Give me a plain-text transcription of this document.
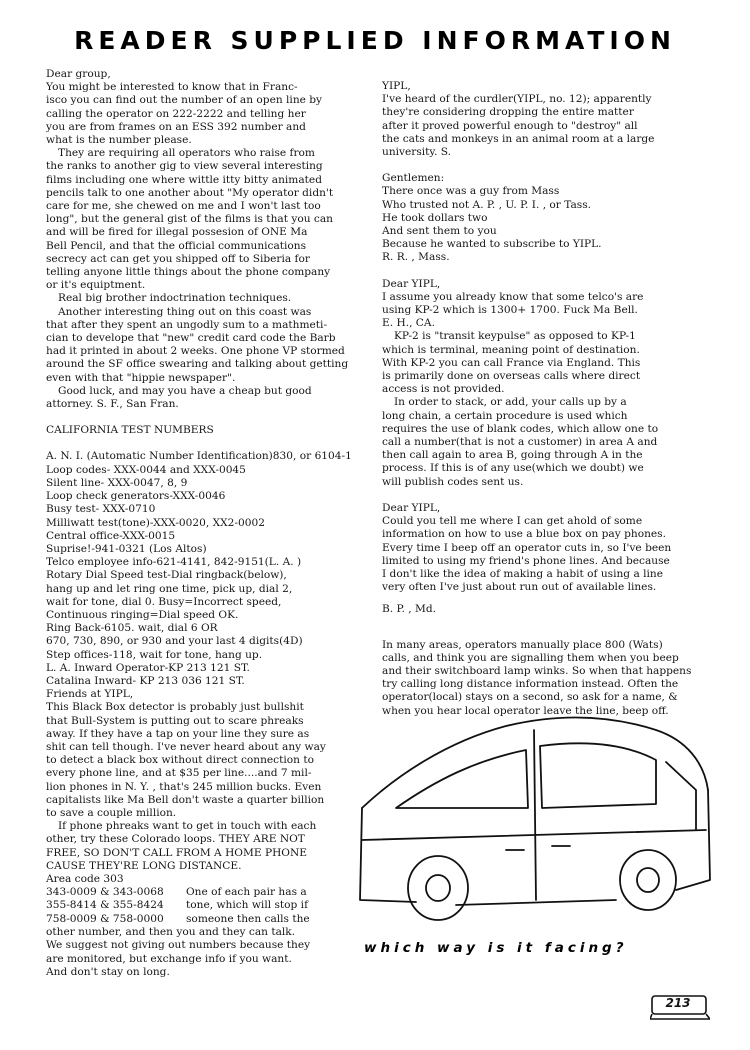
READER SUPPLIED INFORMATION

Dear group,

You might be interested to know that in Franc-

isco you can find out the number of an open line by

calling the operator on 222-2222 and telling her

you are from frames on an ESS 392 number and

what is the number please.

They are requiring all operators who raise from

the ranks to another gig to view several interesting

films including one where wittle itty bitty animated

pencils talk to one another about "My operator didn't

care for me, she chewed on me and I won't last too

long", but the general gist of the films is that you can

and will be fired for illegal possesion of ONE Ma

Bell Pencil, and that the official communications

secrecy act can get you shipped off to Siberia for

telling anyone little things about the phone company

or it's equiptment.

Real big brother indoctrination techniques.

Another interesting thing out on this coast was

that after they spent an ungodly sum to a mathmeti-

cian to develope that "new" credit card code the Barb

had it printed in about 2 weeks. One phone VP stormed

around the SF office swearing and talking about getting

even with that "hippie newspaper".

Good luck, and may you have a cheap but good

attorney. S. F., San Fran.

CALIFORNIA TEST NUMBERS

A. N. I. (Automatic Number Identification)830, or 6104-1

Loop codes- XXX-0044 and XXX-0045

Silent line- XXX-0047, 8, 9

Loop check generators-XXX-0046

Busy test- XXX-0710

Milliwatt test(tone)-XXX-0020, XX2-0002

Central office-XXX-0015

Suprise!-941-0321 (Los Altos)

Telco employee info-621-4141, 842-9151(L. A. )

Rotary Dial Speed test-Dial ringback(below),

hang up and let ring one time, pick up, dial 2,

wait for tone, dial 0. Busy=Incorrect speed,

Continuous ringing=Dial speed OK.

Ring Back-6105. wait, dial 6 OR

670, 730, 890, or 930 and your last 4 digits(4D)

Step offices-118, wait for tone, hang up.

L. A. Inward Operator-KP 213 121 ST.

Catalina Inward- KP 213 036 121 ST.

Friends at YIPL,

This Black Box detector is probably just bullshit

that Bull-System is putting out to scare phreaks

away. If they have a tap on your line they sure as

shit can tell though. I've never heard about any way

to detect a black box without direct connection to

every phone line, and at $35 per line....and 7 mil-

lion phones in N. Y. , that's 245 million bucks. Even

capitalists like Ma Bell don't waste a quarter billion

to save a couple million.

If phone phreaks want to get in touch with each

other, try these Colorado loops. THEY ARE NOT

FREE, SO DON'T CALL FROM A HOME PHONE

CAUSE THEY'RE LONG DISTANCE.

Area code 303

343-0009 & 343-0068

355-8414 & 355-8424

758-0009 & 758-0000

One of each pair has a

tone, which will stop if

someone then calls the

other number, and then you and they can talk.

We suggest not giving out numbers because they

are monitored, but exchange info if you want.

And don't stay on long.

YIPL,

I've heard of the curdler(YIPL, no. 12); apparently

they're considering dropping the entire matter

after it proved powerful enough to "destroy" all

the cats and monkeys in an animal room at a large

university. S.

Gentlemen:

There once was a guy from Mass

Who trusted not A. P. , U. P. I. , or Tass.

He took dollars two

And sent them to you

Because he wanted to subscribe to YIPL.

R. R. , Mass.

Dear YIPL,

I assume you already know that some telco's are

using KP-2 which is 1300+ 1700. Fuck Ma Bell.

E. H., CA.

KP-2 is "transit keypulse" as opposed to KP-1

which is terminal, meaning point of destination.

With KP-2 you can call France via England. This

is primarily done on overseas calls where direct

access is not provided.

In order to stack, or add, your calls up by a

long chain, a certain procedure is used which

requires the use of blank codes, which allow one to

call a number(that is not a customer) in area A and

then call again to area B, going through A in the

process. If this is of any use(which we doubt) we

will publish codes sent us.

Dear YIPL,

Could you tell me where I can get ahold of some

information on how to use a blue box on pay phones.

Every time I beep off an operator cuts in, so I've been

limited to using my friend's phone lines. And because

I don't like the idea of making a habit of using a line

very often I've just about run out of available lines.

B. P. , Md.

In many areas, operators manually place 800 (Wats)

calls, and think you are signalling them when you beep

and their switchboard lamp winks. So when that happens

try calling long distance information instead. Often the

operator(local) stays on a second, so ask for a name, &

when you hear local operator leave the line, beep off.

which way is it facing?
213
